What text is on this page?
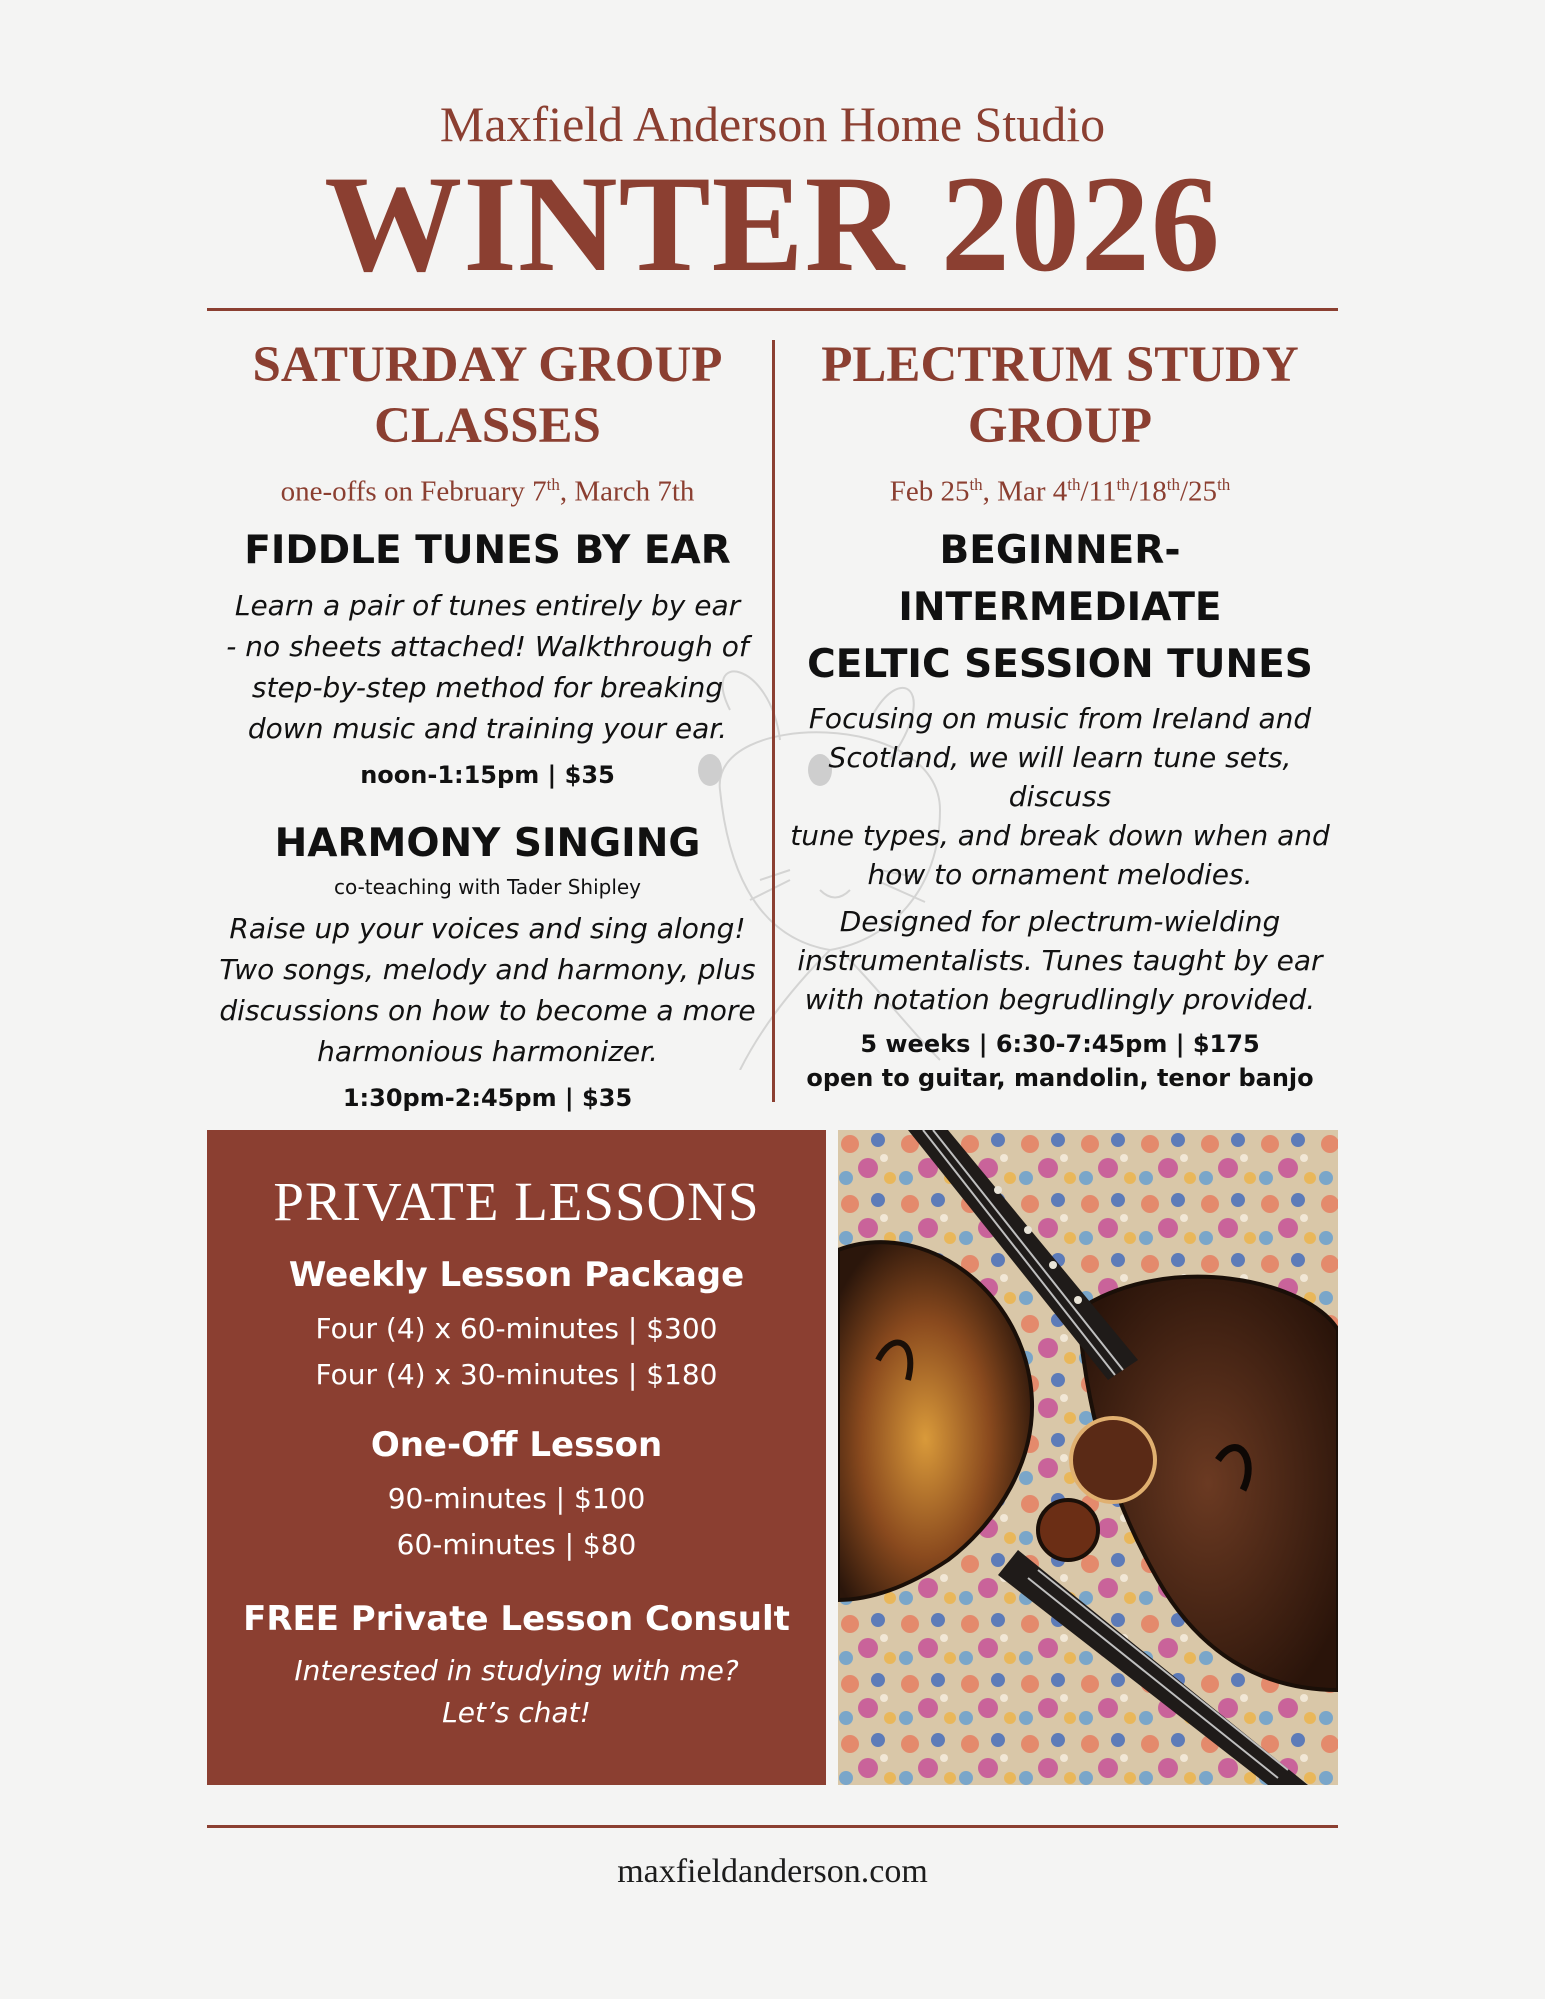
Maxfield Anderson Home Studio
WINTER 2026
SATURDAY GROUP
CLASSES
one-offs on February 7th, March 7th
FIDDLE TUNES BY EAR
Learn a pair of tunes entirely by ear
- no sheets attached! Walkthrough of
step-by-step method for breaking
down music and training your ear.
noon-1:15pm | $35
HARMONY SINGING
co-teaching with Tader Shipley
Raise up your voices and sing along!
Two songs, melody and harmony, plus
discussions on how to become a more
harmonious harmonizer.
1:30pm-2:45pm | $35
PLECTRUM STUDY
GROUP
Feb 25th, Mar 4th/11th/18th/25th
BEGINNER-INTERMEDIATE
CELTIC SESSION TUNES
Focusing on music from Ireland and
Scotland, we will learn tune sets, discuss
tune types, and break down when and
how to ornament melodies.
Designed for plectrum-wielding
instrumentalists. Tunes taught by ear
with notation begrudlingly provided.
5 weeks | 6:30-7:45pm | $175
open to guitar, mandolin, tenor banjo
PRIVATE LESSONS
Weekly Lesson Package
Four (4) x 60-minutes | $300
Four (4) x 30-minutes | $180
One-Off Lesson
90-minutes | $100
60-minutes | $80
FREE Private Lesson Consult
Interested in studying with me?
Let’s chat!
maxfieldanderson.com
